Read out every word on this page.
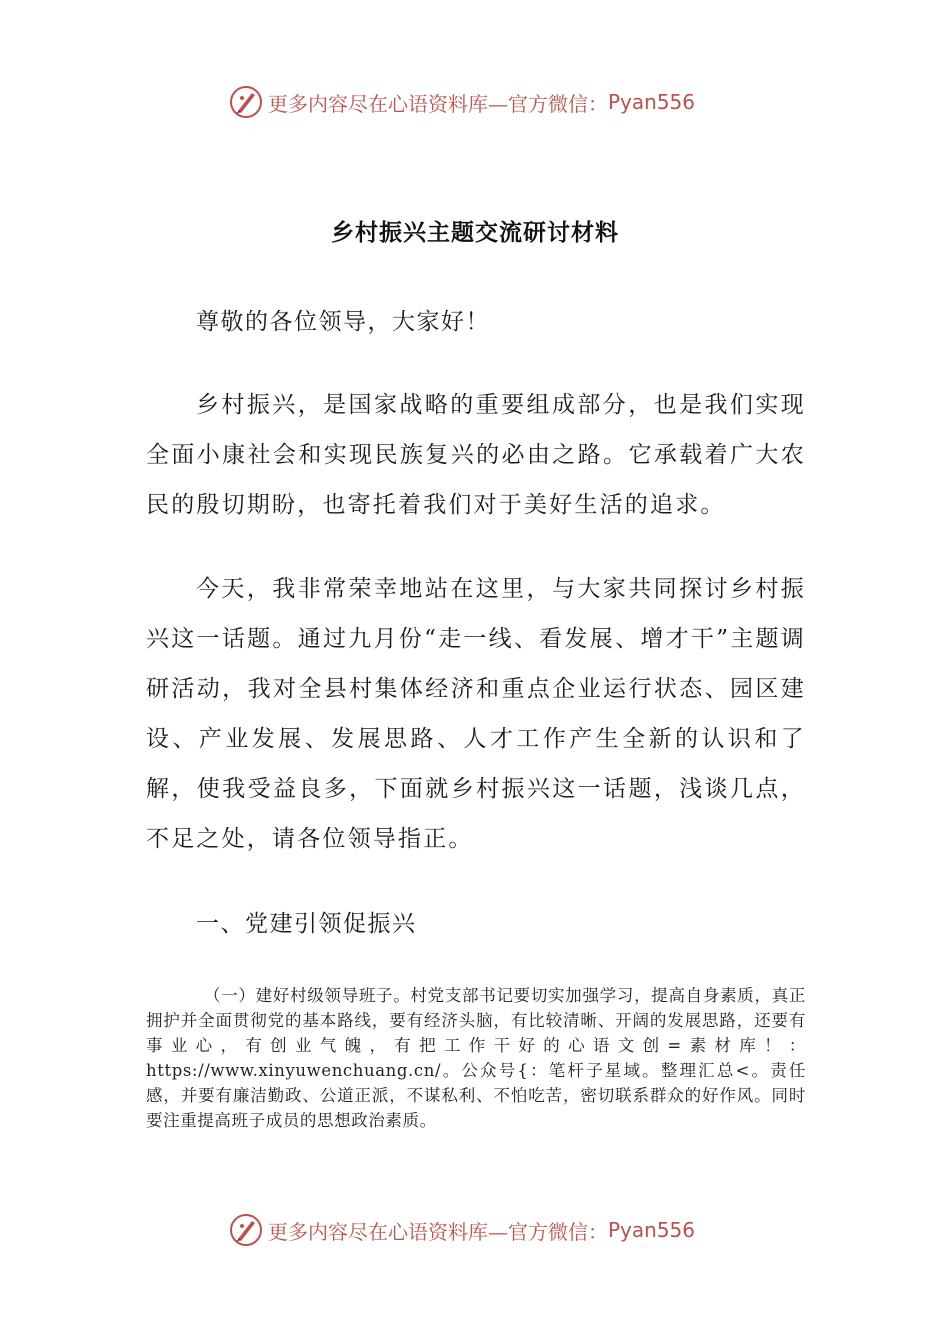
更多内容尽在心语资料库—官方微信： Pyan556
乡村振兴主题交流研讨材料
尊敬的各位领导，大家好！

乡村振兴，是国家战略的重要组成部分，也是我们实现全面小康社会和实现民族复兴的必由之路。它承载着广大农民的殷切期盼，也寄托着我们对于美好生活的追求。

今天，我非常荣幸地站在这里，与大家共同探讨乡村振兴这一话题。通过九月份“走一线、看发展、增才干”主题调研活动，我对全县村集体经济和重点企业运行状态、园区建设、产业发展、发展思路、人才工作产生全新的认识和了解，使我受益良多，下面就乡村振兴这一话题，浅谈几点，不足之处，请各位领导指正。

一、党建引领促振兴

（一）建好村级领导班子。村党支部书记要切实加强学习，提高自身素质，真正拥护并全面贯彻党的基本路线，要有经济头脑，有比较清晰、开阔的发展思路，还要有事业心，有创业气魄，有把工作干好的心语文创=素材库！：https://www.xinyuwenchuang.cn/。公众号{：笔杆子星域。整理汇总<。责任感，并要有廉洁勤政、公道正派，不谋私利、不怕吃苦，密切联系群众的好作风。同时要注重提高班子成员的思想政治素质。

更多内容尽在心语资料库—官方微信： Pyan556
